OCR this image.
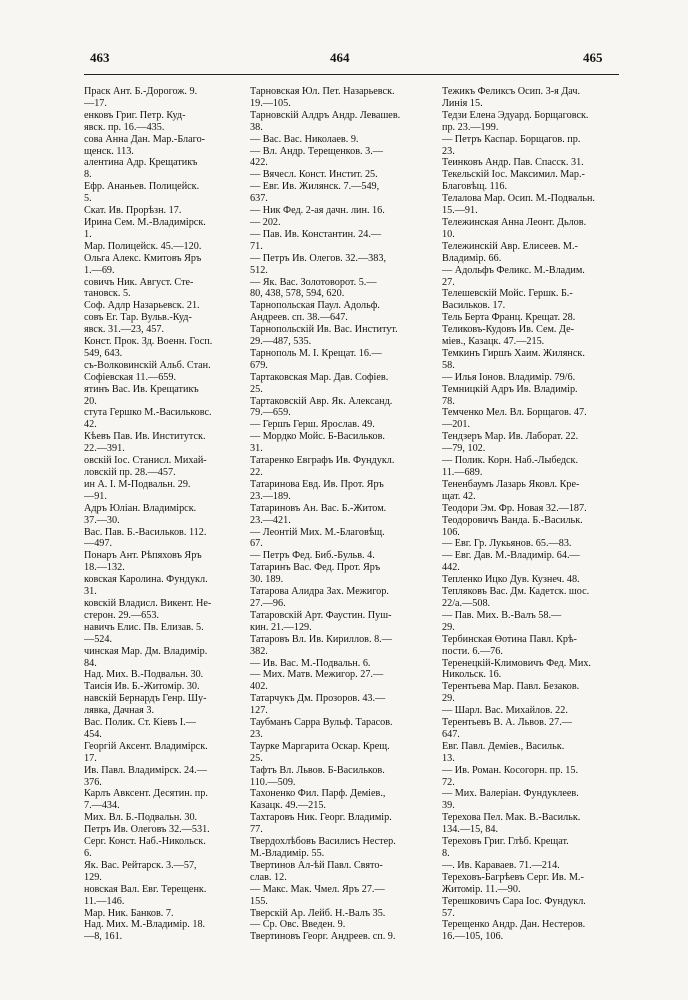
463	464	465
Праск Ант. Б.-Дорогож. 9.
—17.
енковъ Григ. Петр. Куд-
явск. пр. 16.—435.
сова Анна Дан. Мар.-Благо-
щенск. 113.
алентина Адр. Крещатикъ
8.
Ефр. Ананьев. Полицейск.
5.
Скат. Ив. Прорѣзн. 17.
Ирина Сем. М.-Владимірск.
1.
Мар. Полицейск. 45.—120.
Ольга Алекс. Кмитовъ Яръ
1.—69.
совичъ Ник. Август. Сте-
тановск. 5.
Соф. Адлр Назарьевск. 21.
совъ Ег. Тар. Вульв.-Куд-
явск. 31.—23, 457.
Конст. Прок. Зд. Военн. Госп.
549, 643.
съ-Волковинскій Альб. Стан.
Софіевская 11.—659.
ятинъ Вас. Ив. Крещатикъ
20.
стута Гершко М.-Васильковс.
42.
Кѣевъ Пав. Ив. Институтск.
22.—391.
овскій Іос. Станисл. Михай-
ловскій пр. 28.—457.
ин А. І. М-Подвальн. 29.
—91.
Адръ Юліан. Владимірск.
37.—30.
Вас. Пав. Б.-Васильков. 112.
—497.
Понаръ Ант. Рѣпяховъ Яръ
18.—132.
ковская Каролина. Фундукл.
31.
ковскій Владисл. Викент. Не-
стерон. 29.—653.
навичъ Елис. Пв. Елизав. 5.
—524.
чинская Мар. Дм. Владимір.
84.
Над. Мих. В.-Подвальн. 30.
Таисія Ив. Б.-Житомір. 30.
навскій Бернардъ Генр. Шу-
лявка, Дачная 3.
Вас. Полик. Ст. Кіевъ І.—
454.
Георгій Аксент. Владимірск.
17.
Ив. Павл. Владимірск. 24.—
376.
Карлъ Авксент. Десятин. пр.
7.—434.
Мих. Вл. Б.-Подвальн. 30.
Петръ Ив. Олеговъ 32.—531.
Серг. Конст. Наб.-Никольск.
6.
Як. Вас. Рейтарск. 3.—57,
129.
новская Вал. Евг. Терещенк.
11.—146.
Мар. Ник. Банков. 7.
Над. Мих. М.-Владимір. 18.
—8, 161.
Тарновская Юл. Пет. Назарьевск.
19.—105.
Тарновскій Алдръ Андр. Левашев.
38.
— Вас. Вас. Николаев. 9.
— Вл. Андр. Терещенков. 3.—
422.
— Вячесл. Конст. Инстит. 25.
— Евг. Ив. Жилянск. 7.—549,
637.
— Ник Фед. 2-ая дачн. лин. 16.
— 202.
— Пав. Ив. Константин. 24.—
71.
— Петръ Ив. Олегов. 32.—383,
512.
— Як. Вас. Золотоворот. 5.—
80, 438, 578, 594, 620.
Тарнопольская Паул. Адольф.
Андреев. сп. 38.—647.
Тарнопольскій Ив. Вас. Институт.
29.—487, 535.
Тарнополь М. І. Крещат. 16.—
679.
Тартаковская Мар. Дав. Софіев.
25.
Тартаковскій Авр. Як. Александ.
79.—659.
— Гершъ Герш. Ярослав. 49.
— Мордко Мойс. Б-Васильков.
31.
Татаренко Евграфъ Ив. Фундукл.
22.
Татаринова Евд. Ив. Прот. Яръ
23.—189.
Татариновъ Ан. Вас. Б.-Житом.
23.—421.
— Леонтій Мих. М.-Благовѣщ.
67.
— Петръ Фед. Биб.-Бульв. 4.
Татаринъ Вас. Фед. Прот. Яръ
30. 189.
Татарова Алидра Зах. Межигор.
27.—96.
Татаровскій Арт. Фаустин. Пуш-
кин. 21.—129.
Татаровъ Вл. Ив. Кириллов. 8.—
382.
— Ив. Вас. М.-Подвальн. 6.
— Мих. Матв. Межигор. 27.—
402.
Татарчукъ Дм. Прозоров. 43.—
127.
Таубманъ Сарра Вульф. Тарасов.
23.
Таурке Маргарита Оскар. Крещ.
25.
Тафтъ Вл. Львов. Б-Васильков.
110.—509.
Тахоненко Фил. Парф. Деміев.,
Казацк. 49.—215.
Тахтаровъ Ник. Георг. Владимір.
77.
Твердохлѣбовъ Василисъ Нестер.
М.-Владимір. 55.
Твертинов Ал-ѣй Павл. Свято-
слав. 12.
— Макс. Мак. Чмел. Яръ 27.—
155.
Тверскій Ар. Лейб. Н.-Валъ 35.
— Ср. Овс. Введен. 9.
Твертиновъ Георг. Андреев. сп. 9.
Тежикъ Феликсъ Осип. 3-я Дач.
Линія 15.
Тедзи Елена Эдуард. Борщаговск.
пр. 23.—199.
— Петръ Каспар. Борщагов. пр.
23.
Теинковъ Андр. Пав. Спасск. 31.
Текельскій Іос. Максимил. Мар.-
Благовѣщ. 116.
Телалова Мар. Осип. М.-Подвальн.
15.—91.
Тележинская Анна Леонт. Дьлов.
10.
Тележинскій Авр. Елисеев. М.-
Владимір. 66.
— Адольфъ Феликс. М.-Владим.
27.
Телешевскій Мойс. Гершк. Б.-
Васильков. 17.
Тель Берта Франц. Крещат. 28.
Теликовъ-Кудовъ Ив. Сем. Де-
міев., Казацк. 47.—215.
Темкинъ Гиршъ Хаим. Жилянск.
58.
— Илья Іонов. Владимір. 79/6.
Темницкій Адръ Ив. Владимір.
78.
Темченко Мел. Вл. Борщагов. 47.
—201.
Тендзеръ Мар. Ив. Лаборат. 22.
—79, 102.
— Полик. Корн. Наб.-Лыбедск.
11.—689.
Тененбаумъ Лазарь Яковл. Кре-
щат. 42.
Теодори Эм. Фр. Новая 32.—187.
Теодоровичъ Ванда. Б.-Васильк.
106.
— Евг. Гр. Лукьянов. 65.—83.
— Евг. Дав. М.-Владимір. 64.—
442.
Тепленко Ицко Дув. Кузнеч. 48.
Тепляковъ Вас. Дм. Кадетск. шос.
22/а.—508.
— Пав. Мих. В.-Валъ 58.—
29.
Тербинская Өотина Павл. Крѣ-
пости. 6.—76.
Теренецкій-Климовичъ Фед. Мих.
Никольск. 16.
Терентьева Мар. Павл. Безаков.
29.
— Шарл. Вас. Михайлов. 22.
Терентьевъ В. А. Львов. 27.—
647.
Евг. Павл. Деміев., Васильк.
13.
— Ив. Роман. Косогорн. пр. 15.
72.
— Мих. Валеріан. Фундуклеев.
39.
Терехова Пел. Мак. В.-Васильк.
134.—15, 84.
Тереховъ Григ. Глѣб. Крещат.
8.
—. Ив. Караваев. 71.—214.
Тереховъ-Багрѣевъ Серг. Ив. М.-
Житомір. 11.—90.
Терешковичъ Сара Іос. Фундукл.
57.
Терещенко Андр. Дан. Нестеров.
16.—105, 106.
